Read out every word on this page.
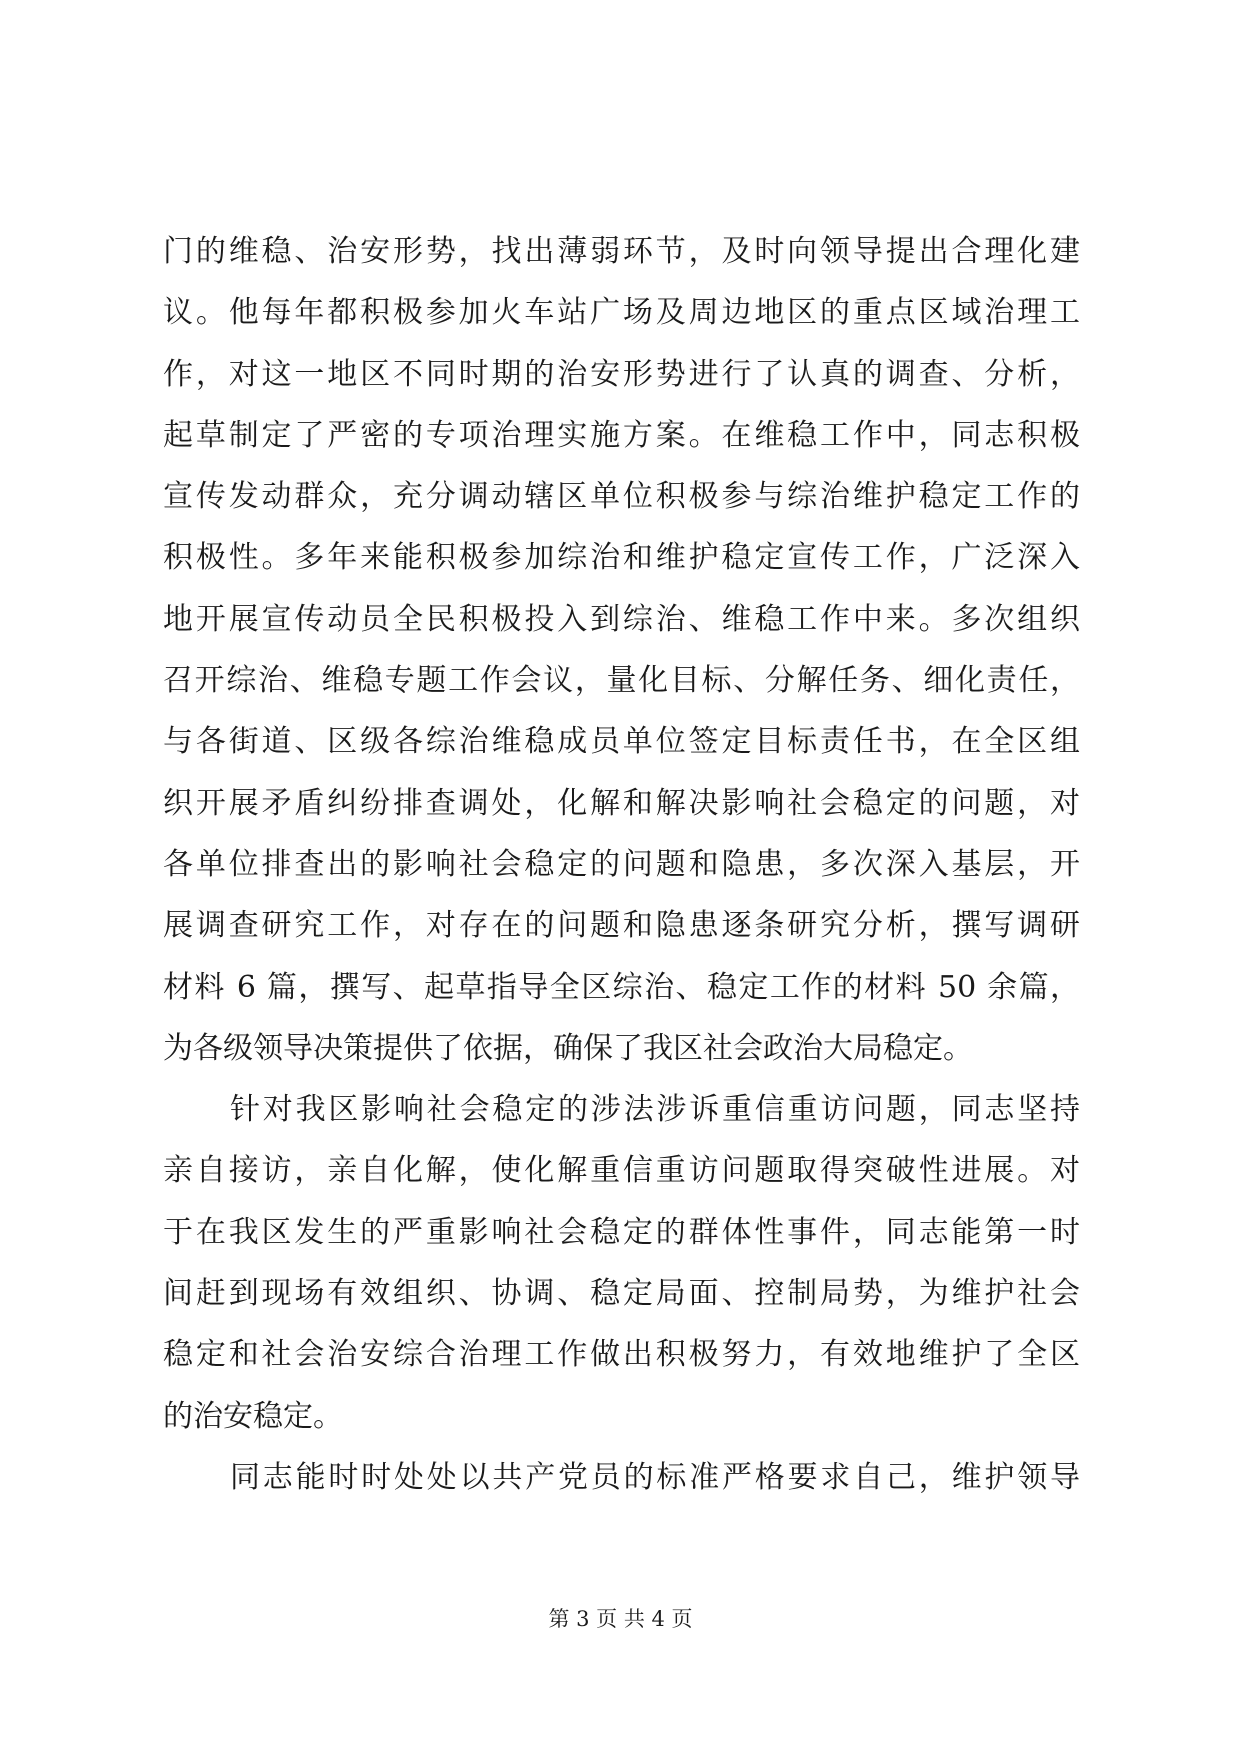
门的维稳、治安形势，找出薄弱环节，及时向领导提出合理化建
议。他每年都积极参加火车站广场及周边地区的重点区域治理工
作，对这一地区不同时期的治安形势进行了认真的调查、分析，
起草制定了严密的专项治理实施方案。在维稳工作中，同志积极
宣传发动群众，充分调动辖区单位积极参与综治维护稳定工作的
积极性。多年来能积极参加综治和维护稳定宣传工作，广泛深入
地开展宣传动员全民积极投入到综治、维稳工作中来。多次组织
召开综治、维稳专题工作会议，量化目标、分解任务、细化责任，
与各街道、区级各综治维稳成员单位签定目标责任书，在全区组
织开展矛盾纠纷排查调处，化解和解决影响社会稳定的问题，对
各单位排查出的影响社会稳定的问题和隐患，多次深入基层，开
展调查研究工作，对存在的问题和隐患逐条研究分析，撰写调研
材料 6 篇，撰写、起草指导全区综治、稳定工作的材料 50 余篇，
为各级领导决策提供了依据，确保了我区社会政治大局稳定。
针对我区影响社会稳定的涉法涉诉重信重访问题，同志坚持
亲自接访，亲自化解，使化解重信重访问题取得突破性进展。对
于在我区发生的严重影响社会稳定的群体性事件，同志能第一时
间赶到现场有效组织、协调、稳定局面、控制局势，为维护社会
稳定和社会治安综合治理工作做出积极努力，有效地维护了全区
的治安稳定。
同志能时时处处以共产党员的标准严格要求自己，维护领导
第 3 页 共 4 页
